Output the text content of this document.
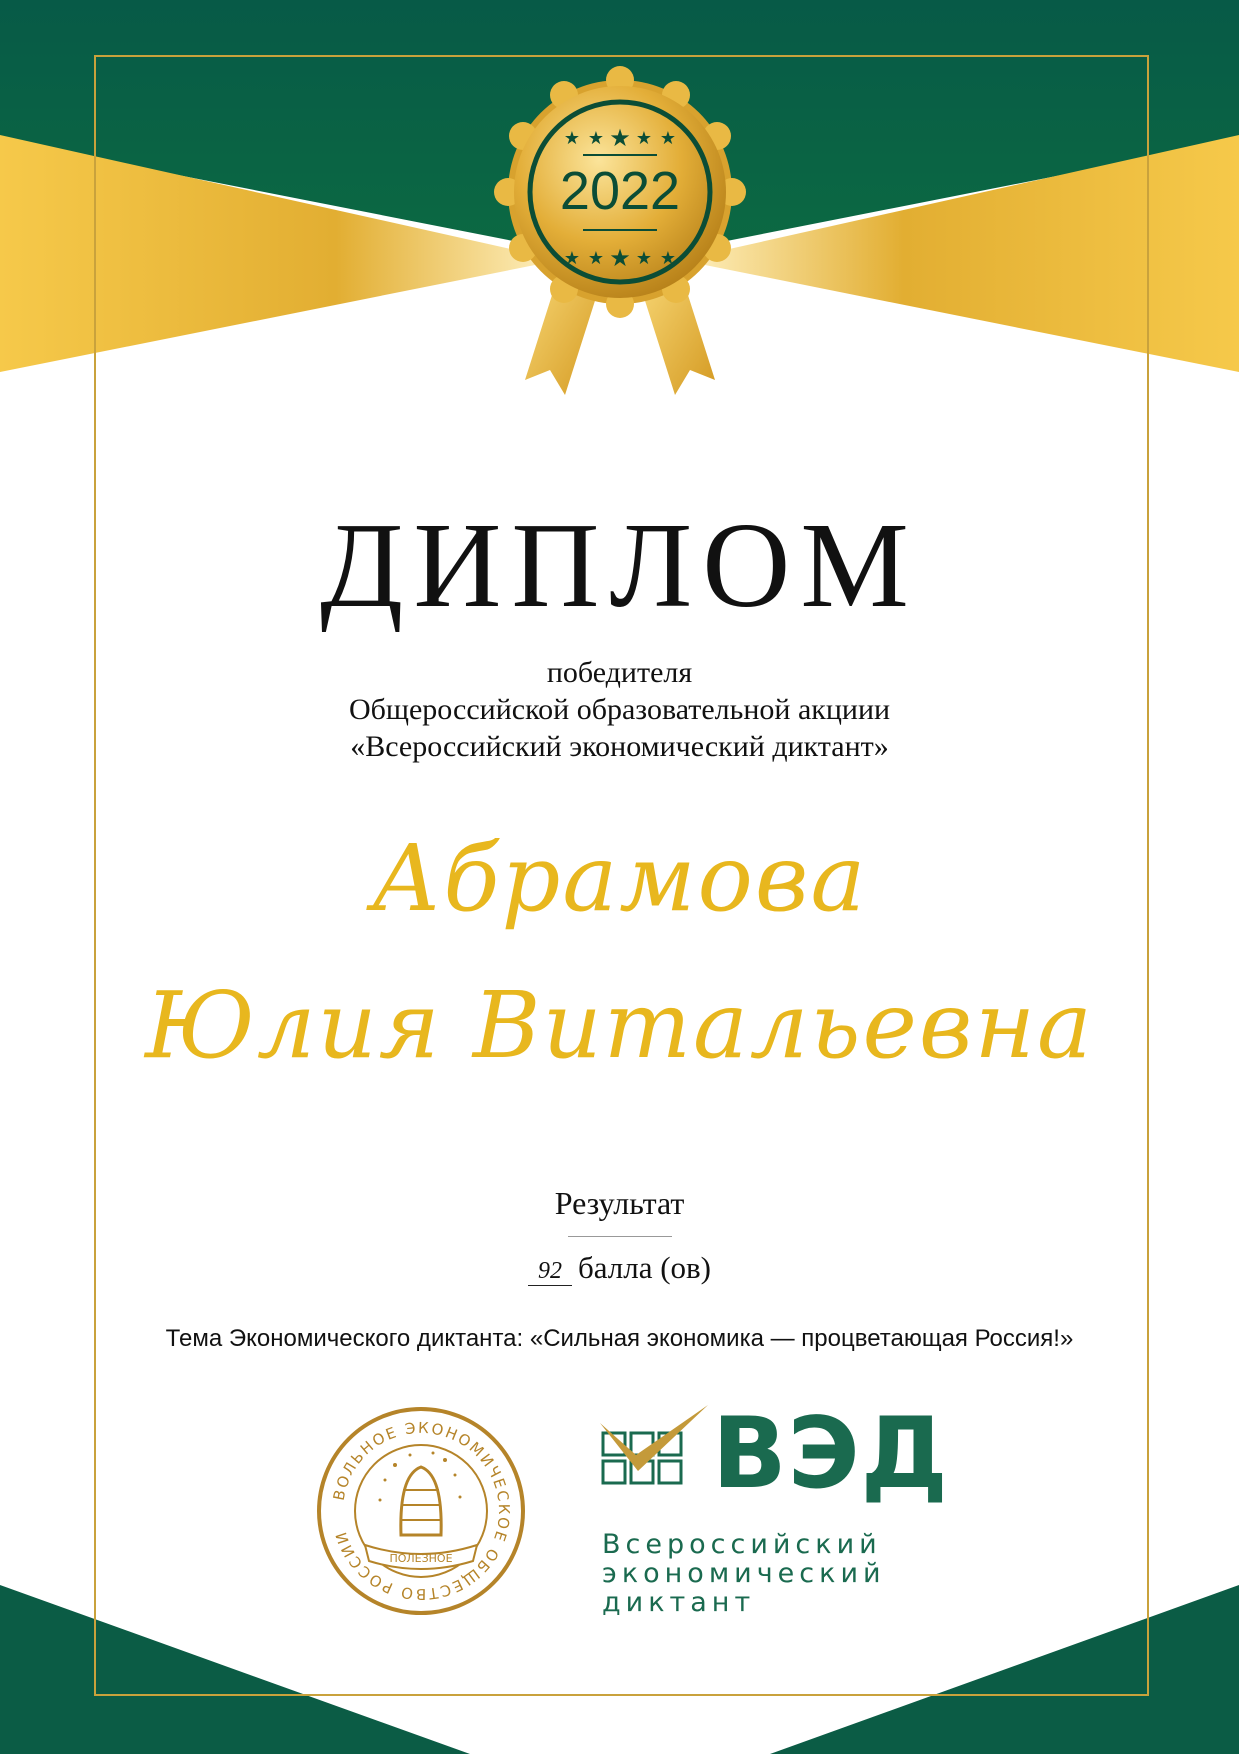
★ ★ ★ ★ ★
★ ★ ★ ★ ★
2022
ДИПЛОМ
победителя
Общероссийской образовательной акциии
«Всероссийский экономический диктант»
Абрамова
Юлия Витальевна
Результат
92 балла (ов)
Тема Экономического диктанта: «Сильная экономика — процветающая Россия!»
ВОЛЬНОЕ ЭКОНОМИЧЕСКОЕ ОБЩЕСТВО РОССИИ
ПОЛЕЗНОЕ
ВЭД
Всероссийский
экономический
диктант
